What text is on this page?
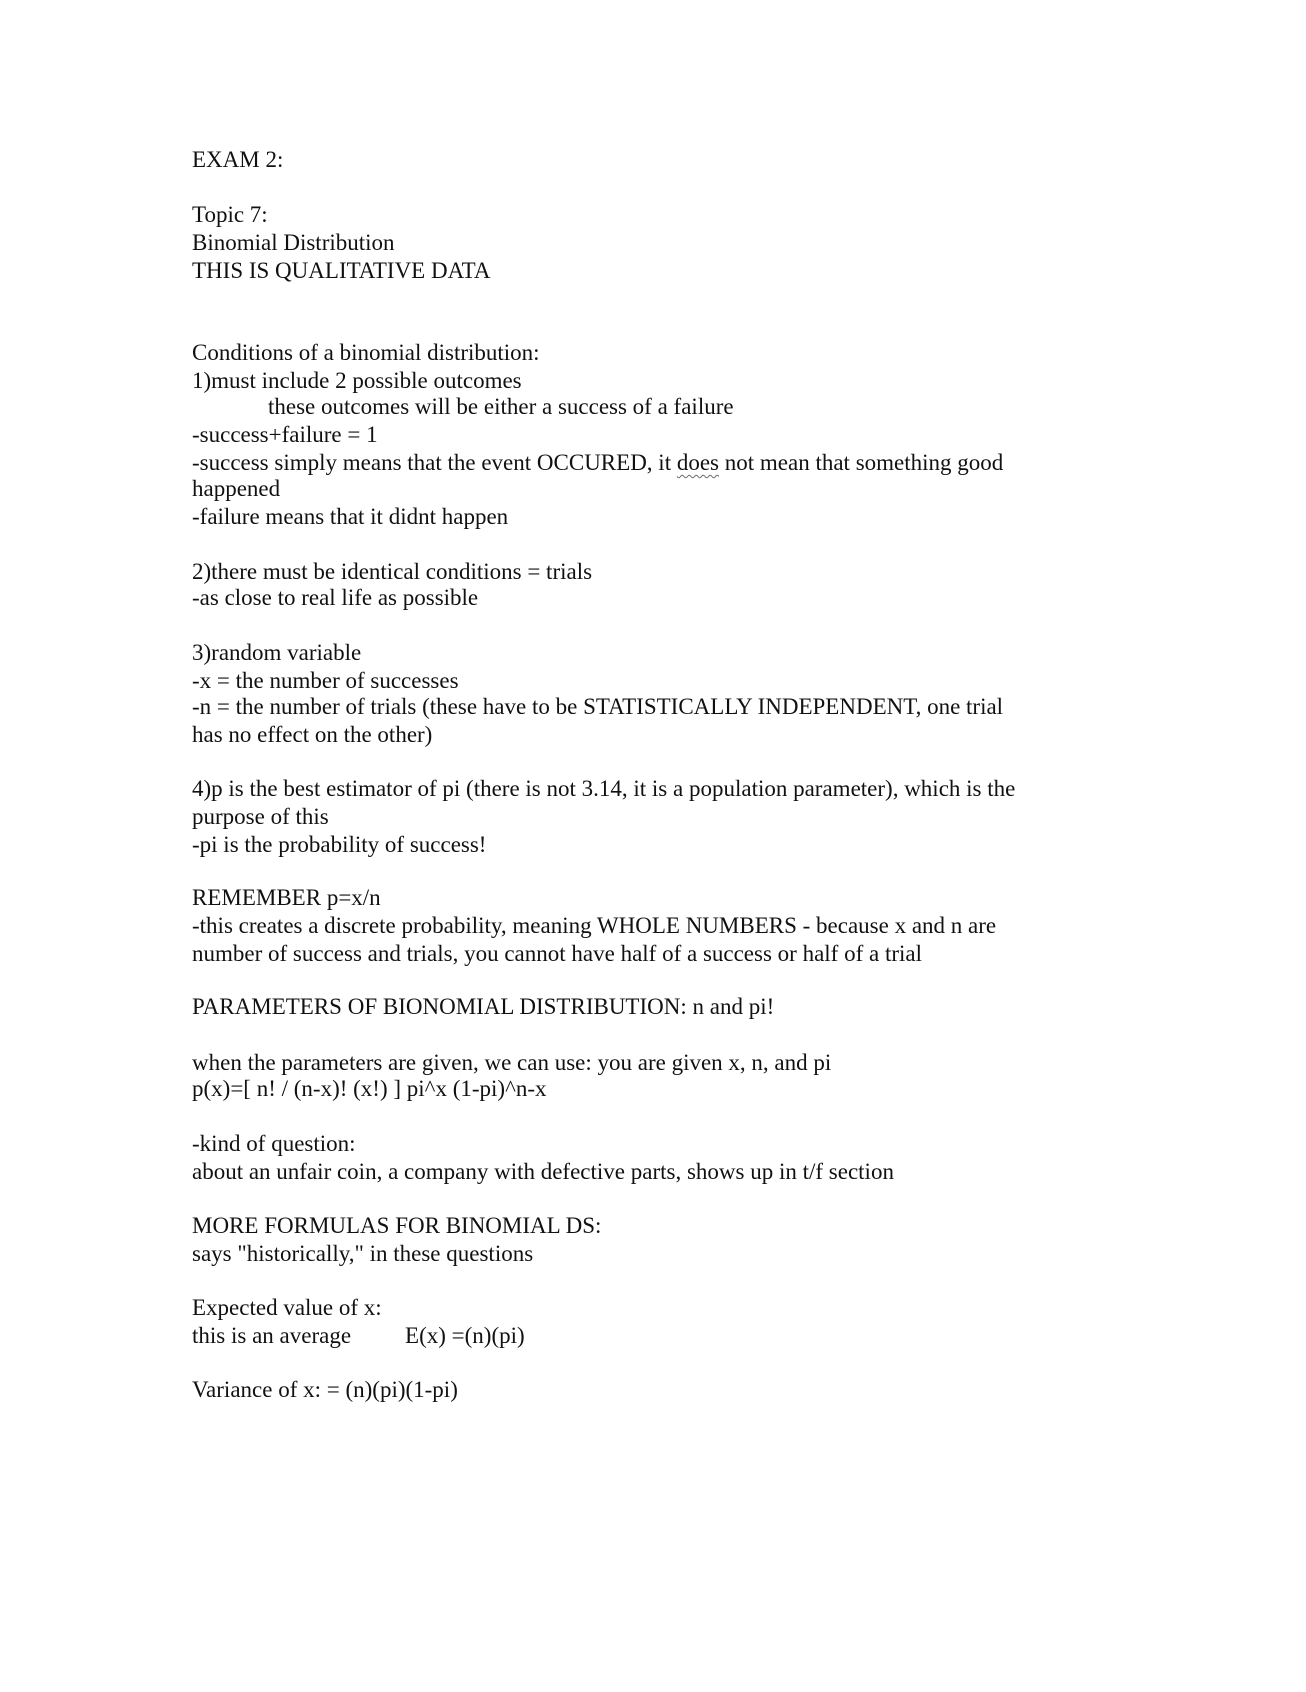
EXAM 2:

Topic 7:

Binomial Distribution

THIS IS QUALITATIVE DATA

Conditions of a binomial distribution:

1)must include 2 possible outcomes

these outcomes will be either a success of a failure

-success+failure = 1

-success simply means that the event OCCURED, it does not mean that something good

happened

-failure means that it didnt happen

2)there must be identical conditions = trials

-as close to real life as possible

3)random variable

-x = the number of successes

-n = the number of trials (these have to be STATISTICALLY INDEPENDENT, one trial

has no effect on the other)

4)p is the best estimator of pi (there is not 3.14, it is a population parameter), which is the

purpose of this

-pi is the probability of success!

REMEMBER p=x/n

-this creates a discrete probability, meaning WHOLE NUMBERS - because x and n are

number of success and trials, you cannot have half of a success or half of a trial

PARAMETERS OF BIONOMIAL DISTRIBUTION: n and pi!

when the parameters are given, we can use: you are given x, n, and pi

p(x)=[ n! / (n-x)! (x!) ] pi^x (1-pi)^n-x

-kind of question:

about an unfair coin, a company with defective parts, shows up in t/f section

MORE FORMULAS FOR BINOMIAL DS:

says "historically," in these questions

Expected value of x:

this is an average E(x) =(n)(pi)

Variance of x: = (n)(pi)(1-pi)
